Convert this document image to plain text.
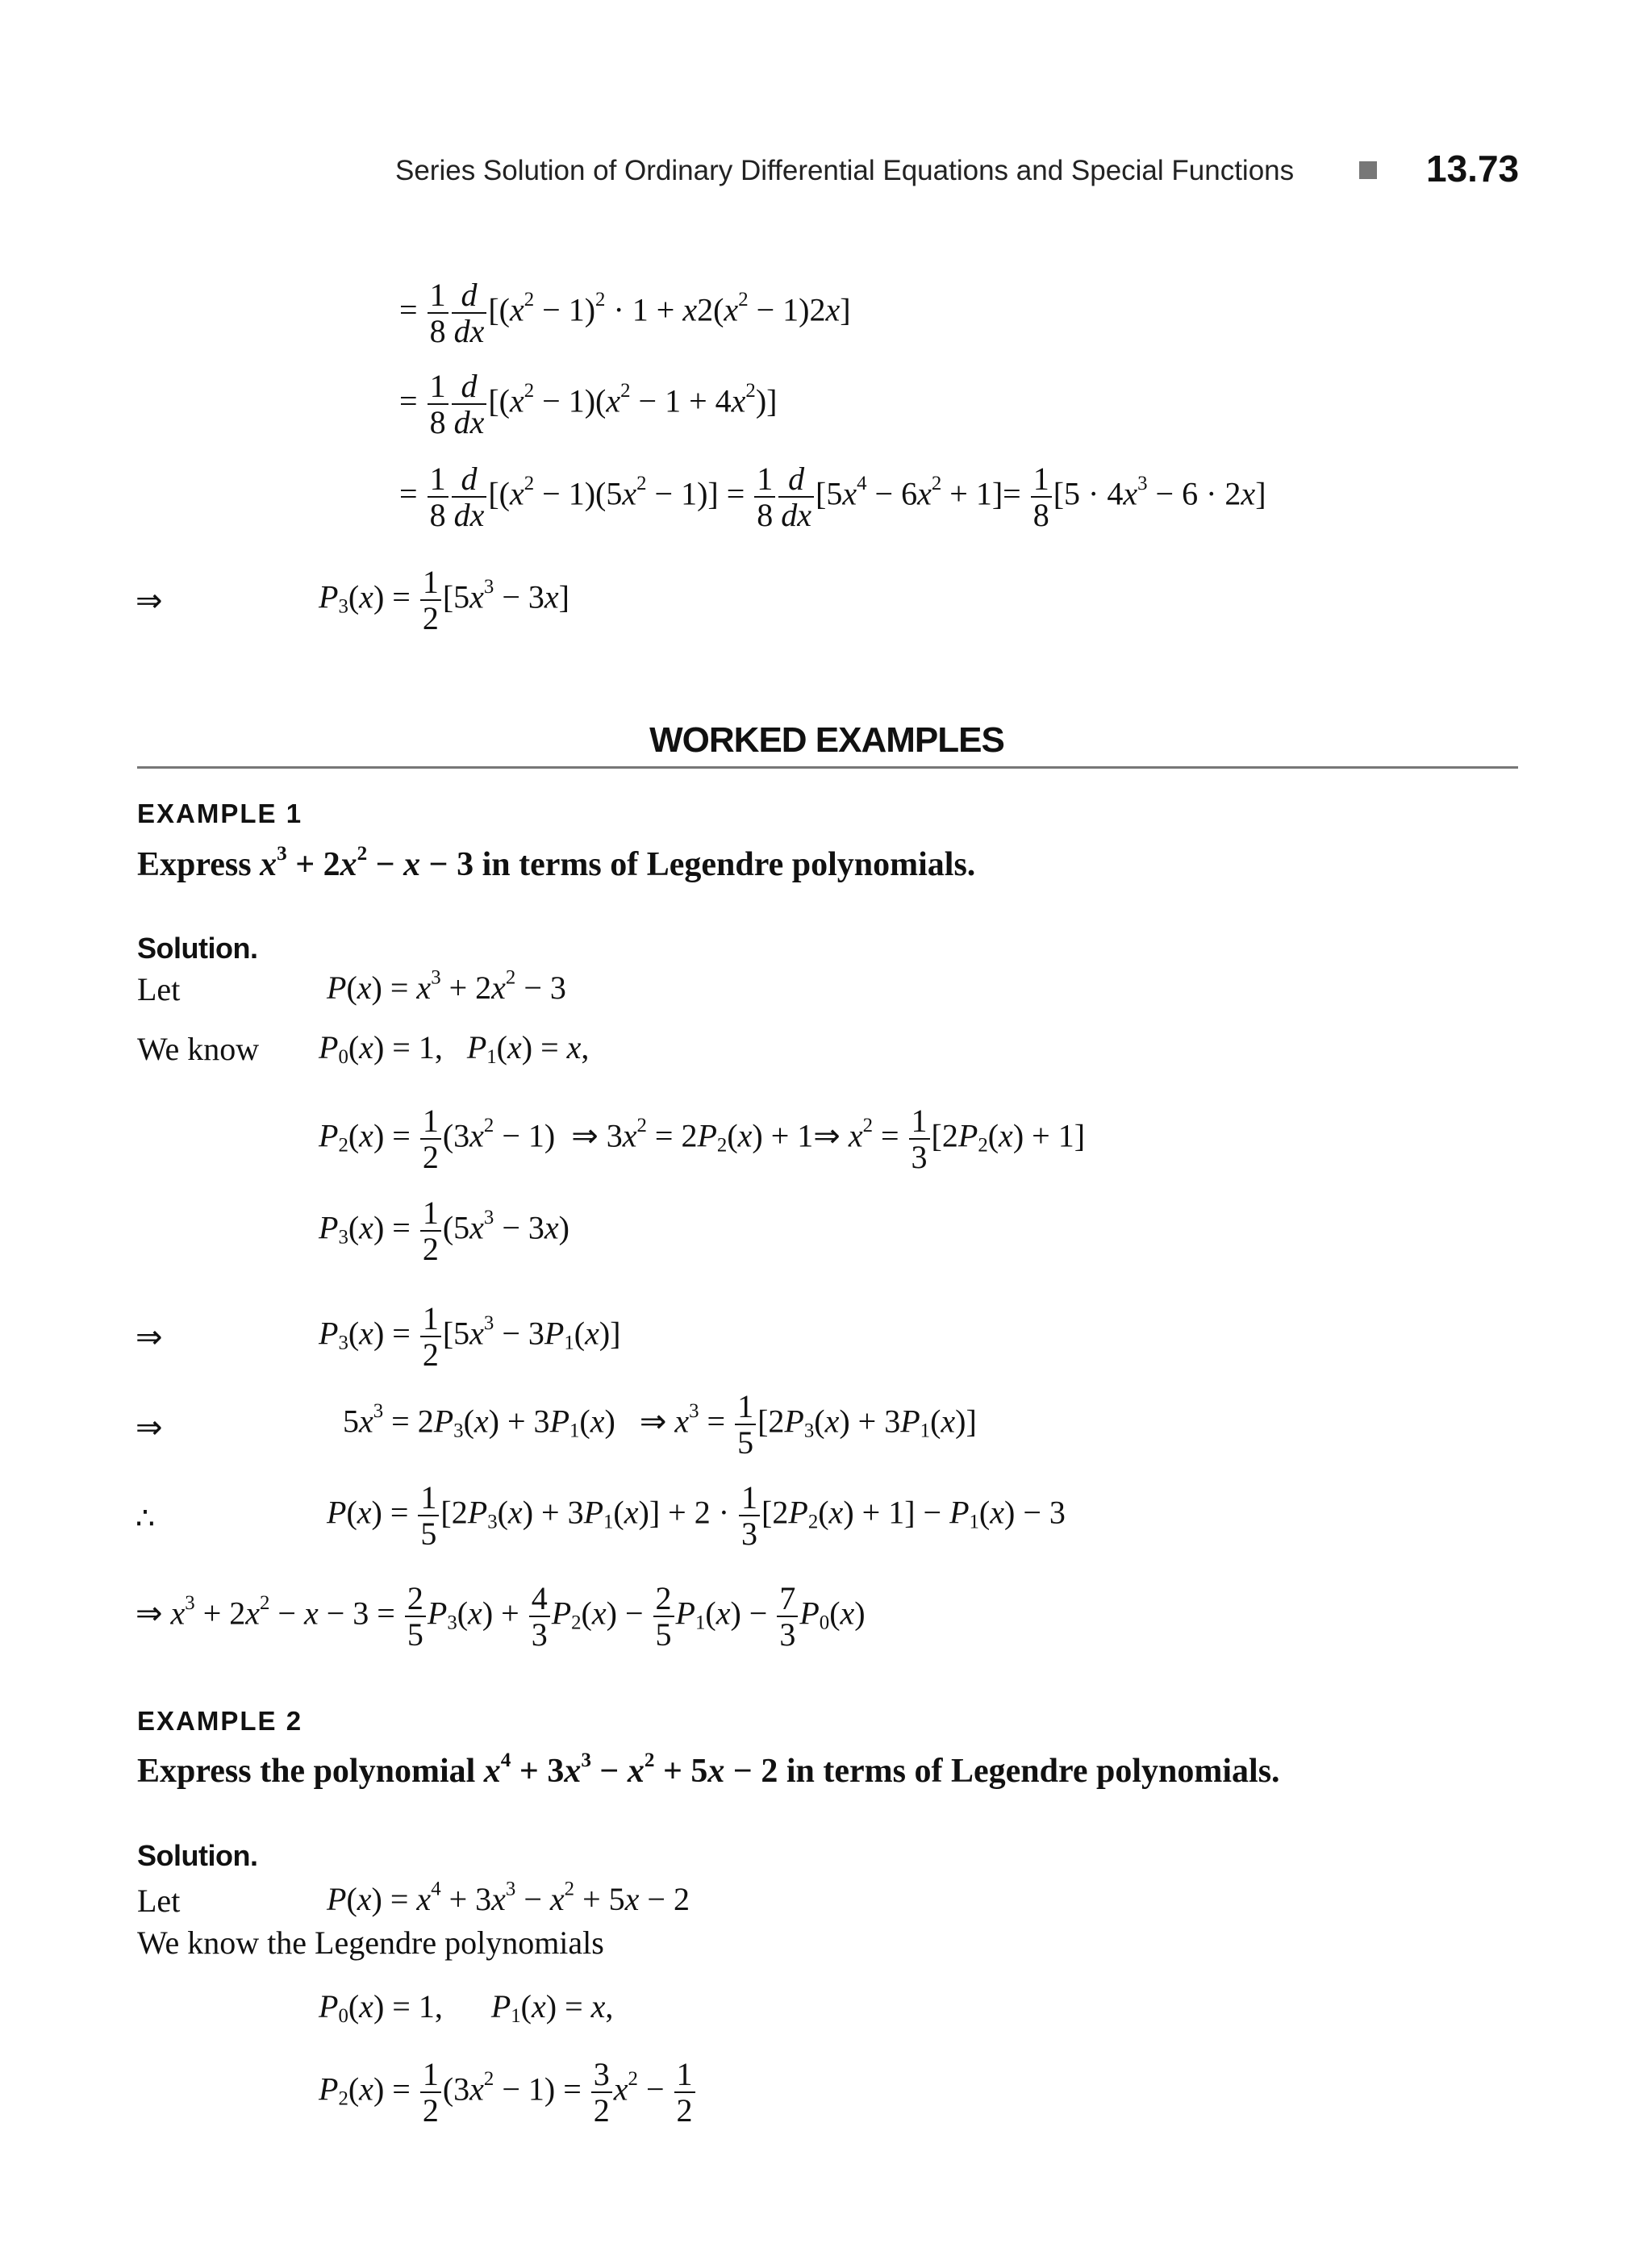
Series Solution of Ordinary Differential Equations and Special Functions	13.73
= $\frac{1}{8} \frac{d}{dx} [(x^2 - 1)^2 \cdot 1 + x2(x^2 - 1)2x]$
= $\frac{1}{8} \frac{d}{dx} [(x^2 - 1)(x^2 - 1 + 4x^2)]$
= $\frac{1}{8} \frac{d}{dx} [(x^2 - 1)(5x^2 - 1)] = \frac{1}{8} \frac{d}{dx} [5x^4 - 6x^2 + 1]= \frac{1}{8} [5 \cdot 4x^3 - 6 \cdot 2x]$
⇒	$P_3(x) = \frac{1}{2} [5x^3 - 3x]$
WORKED EXAMPLES
EXAMPLE 1
Express $x^3 + 2x^2 - x - 3$ in terms of Legendre polynomials.
Solution.
Let	$P(x) = x^3 + 2x^2 - 3$
We know $P_0(x) = 1$,   $P_1(x) = x$,
$P_2(x) = \frac{1}{2} (3x^2 - 1)$  ⇒ $3x^2 = 2P_2(x)$ + 1⇒ $x^2 = \frac{1}{3} [2P_2(x) + 1]$
$P_3(x) = \frac{1}{2} (5x^3 - 3x)$
⇒	$P_3(x) = \frac{1}{2} [5x^3 - 3P_1(x)]$
⇒	$5x^3 = 2P_3(x) + 3P_1(x)$   ⇒ $x^3 = \frac{1}{5} [2P_3(x) + 3P_1(x)]$
∴	$P(x) = \frac{1}{5} [2P_3(x) + 3P_1(x)] + 2 \cdot \frac{1}{3} [2P_2(x) + 1] - P_1(x) - 3$
⇒ $x^3 + 2x^2 - x - 3 = \frac{2}{5} P_3(x) + \frac{4}{3} P_2(x) - \frac{2}{5} P_1(x) - \frac{7}{3} P_0(x)$
EXAMPLE 2
Express the polynomial $x^4 + 3x^3 - x^2 + 5x - 2$ in terms of Legendre polynomials.
Solution.
Let	$P(x) = x^4 + 3x^3 - x^2 + 5x - 2$
We know the Legendre polynomials
$P_0(x) = 1$,      $P_1(x) = x$,
$P_2(x) = \frac{1}{2} (3x^2 - 1) = \frac{3}{2} x^2 - \frac{1}{2}$
